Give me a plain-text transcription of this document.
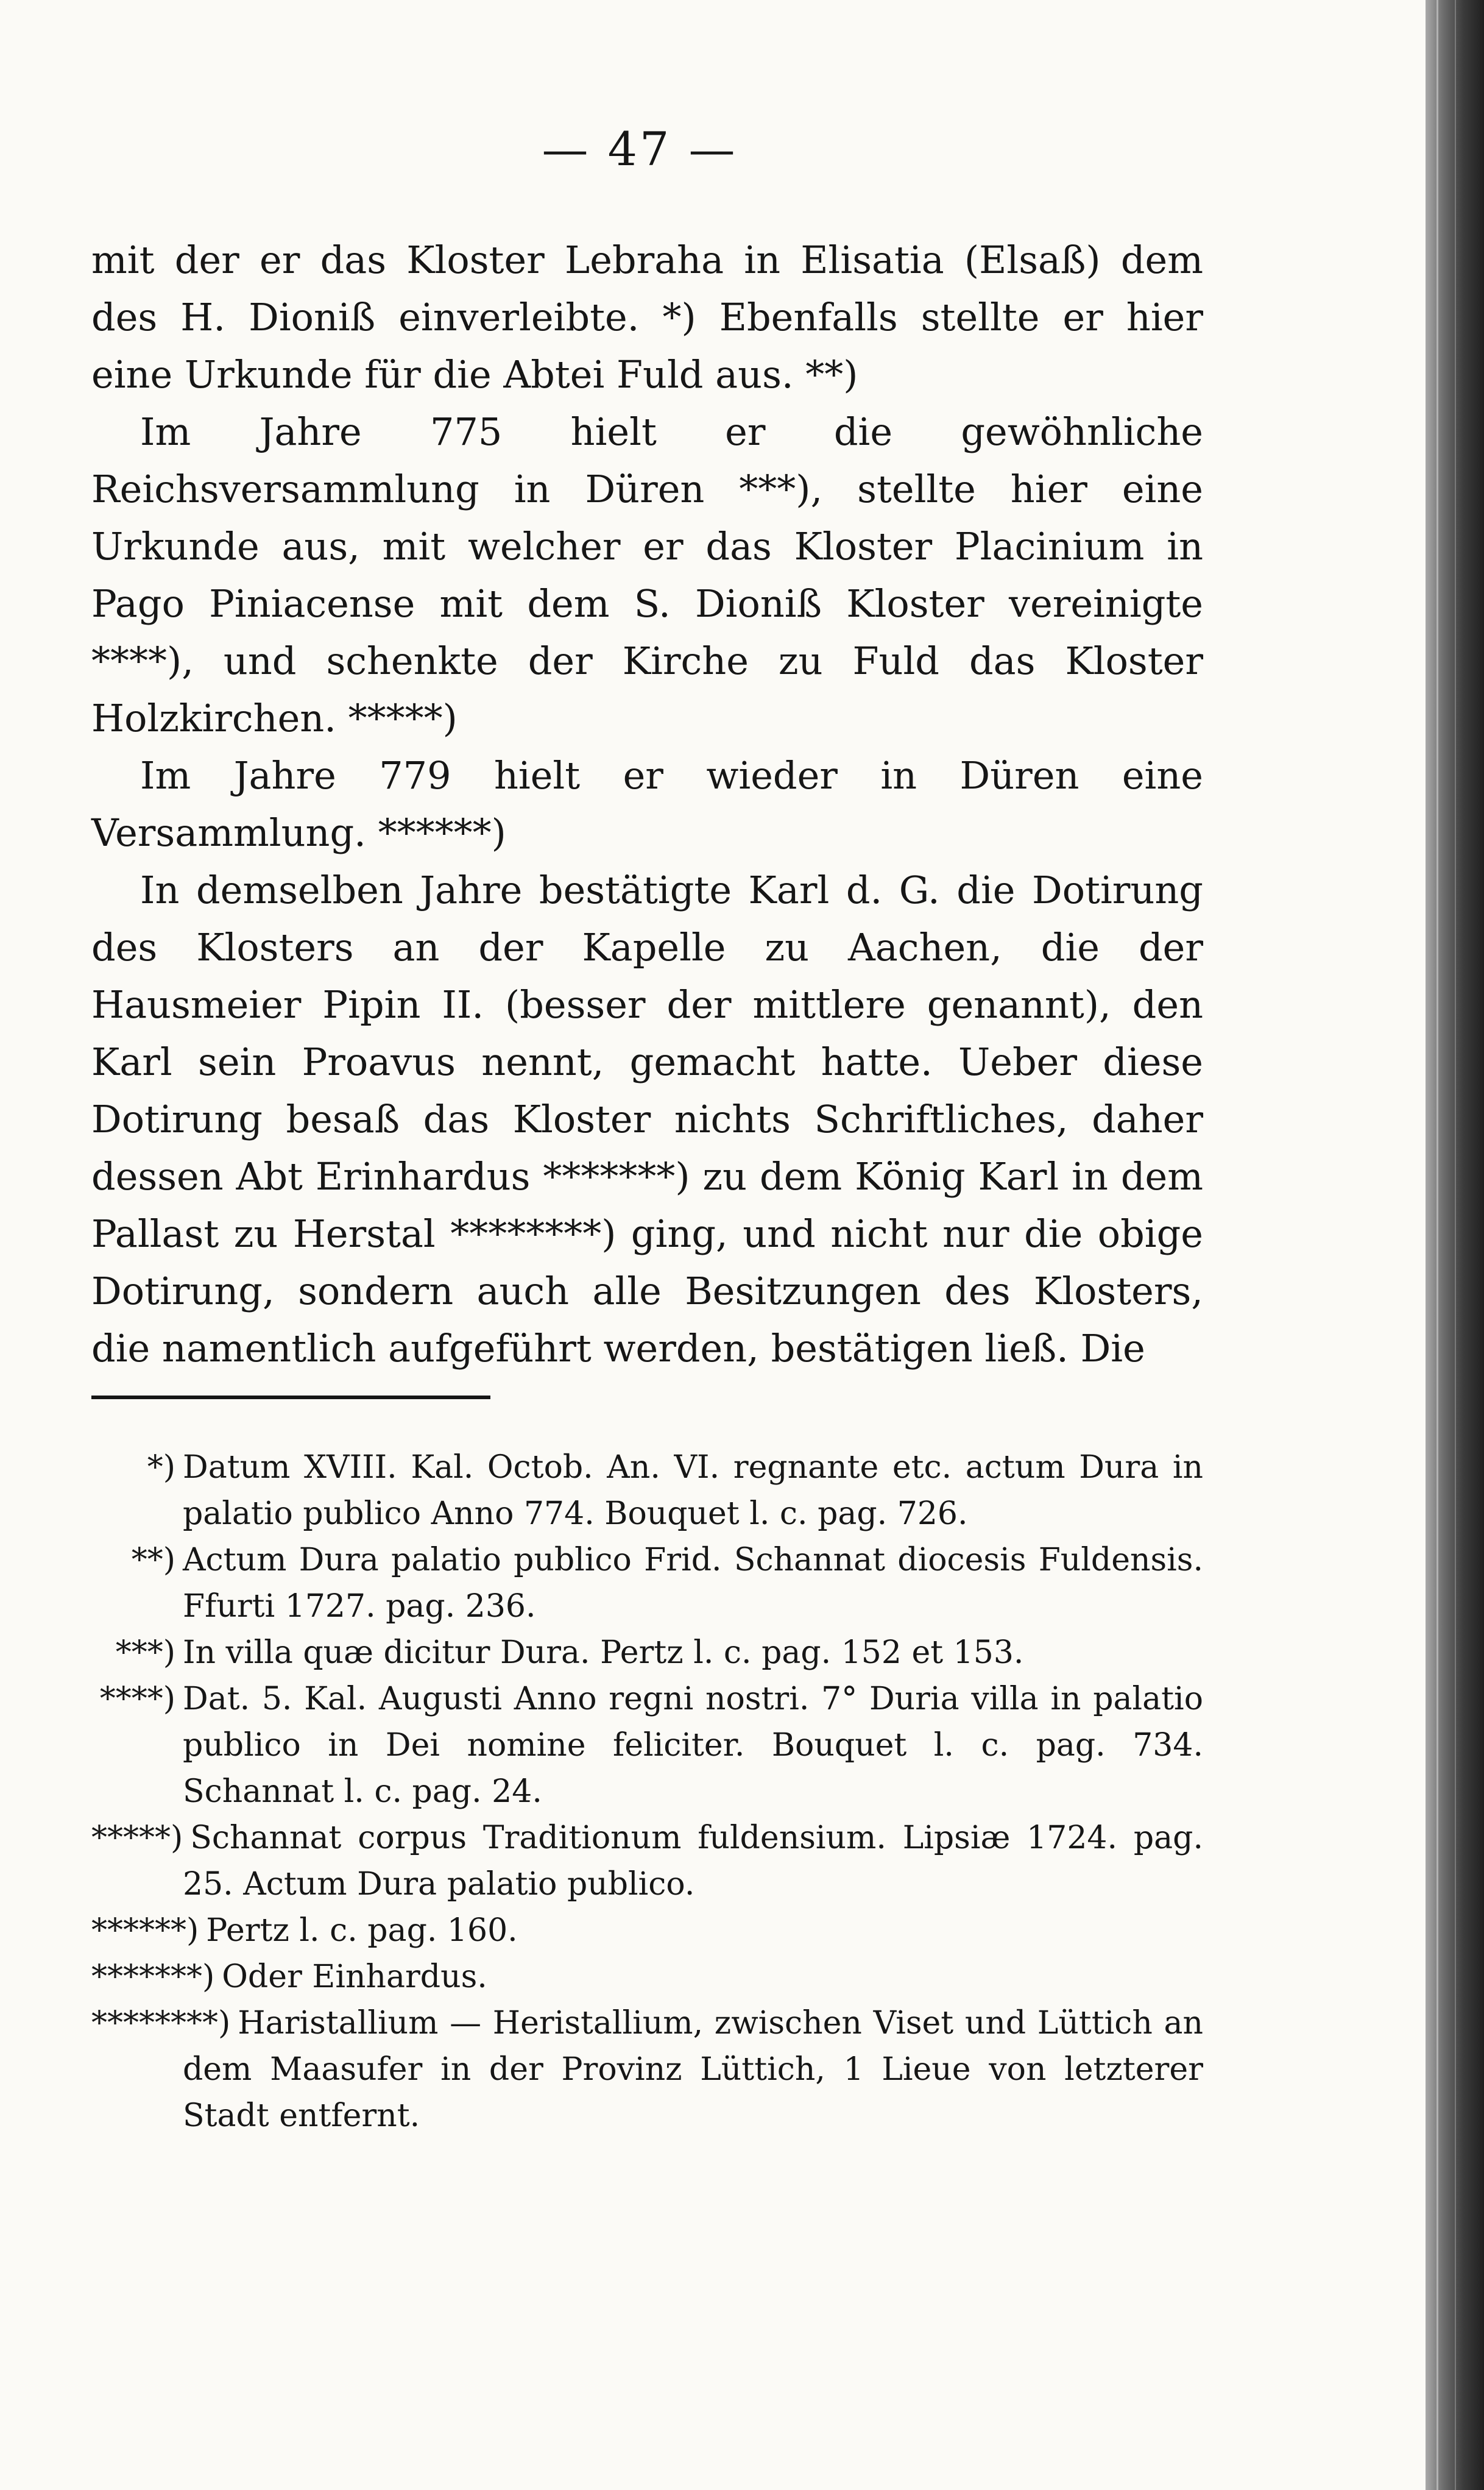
— 47 —

mit der er das Kloster Lebraha in Elisatia (Elsaß) dem des H. Dioniß einverleibte. *) Ebenfalls stellte er hier eine Urkunde für die Abtei Fuld aus. **)

Im Jahre 775 hielt er die gewöhnliche Reichsversammlung in Düren ***), stellte hier eine Urkunde aus, mit welcher er das Kloster Placinium in Pago Piniacense mit dem S. Dioniß Kloster vereinigte ****), und schenkte der Kirche zu Fuld das Kloster Holzkirchen. *****)

Im Jahre 779 hielt er wieder in Düren eine Versammlung. ******)

In demselben Jahre bestätigte Karl d. G. die Dotirung des Klosters an der Kapelle zu Aachen, die der Hausmeier Pipin II. (besser der mittlere genannt), den Karl sein Proavus nennt, gemacht hatte. Ueber diese Dotirung besaß das Kloster nichts Schriftliches, daher dessen Abt Erinhardus *******) zu dem König Karl in dem Pallast zu Herstal ********) ging, und nicht nur die obige Dotirung, sondern auch alle Besitzungen des Klosters, die namentlich aufgeführt werden, bestätigen ließ. Die

*) Datum XVIII. Kal. Octob. An. VI. regnante etc. actum Dura in palatio publico Anno 774. Bouquet l. c. pag. 726.

**) Actum Dura palatio publico Frid. Schannat diocesis Fuldensis. Ffurti 1727. pag. 236.

***) In villa quæ dicitur Dura. Pertz l. c. pag. 152 et 153.

****) Dat. 5. Kal. Augusti Anno regni nostri. 7° Duria villa in palatio publico in Dei nomine feliciter. Bouquet l. c. pag. 734. Schannat l. c. pag. 24.

*****) Schannat corpus Traditionum fuldensium. Lipsiæ 1724. pag. 25. Actum Dura palatio publico.

******) Pertz l. c. pag. 160.

*******) Oder Einhardus.

********) Haristallium — Heristallium, zwischen Viset und Lüttich an dem Maasufer in der Provinz Lüttich, 1 Lieue von letzterer Stadt entfernt.
